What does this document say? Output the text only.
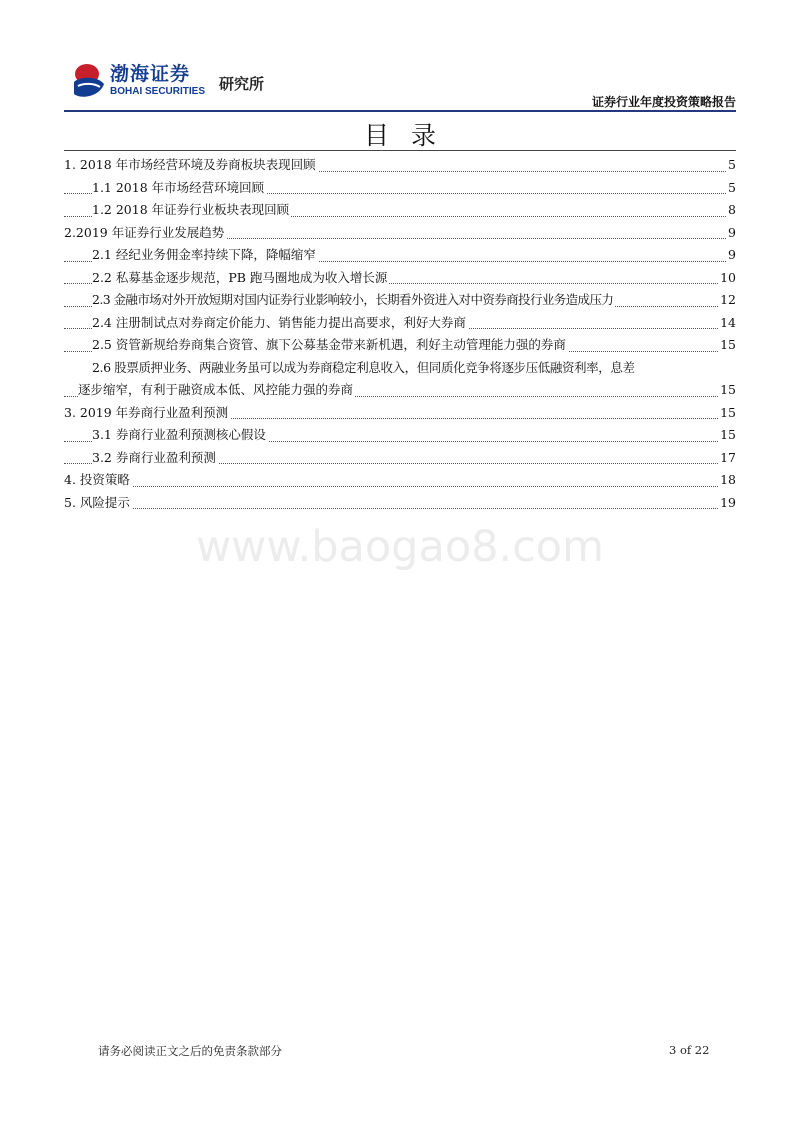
渤海证券
BOHAI SECURITIES 研究所
证券行业年度投资策略报告
目录
1. 2018 年市场经营环境及券商板块表现回顾	5
1.1 2018 年市场经营环境回顾	5
1.2 2018 年证券行业板块表现回顾	8
2.2019 年证券行业发展趋势	9
2.1 经纪业务佣金率持续下降，降幅缩窄	9
2.2 私募基金逐步规范，PB 跑马圈地成为收入增长源	10
2.3 金融市场对外开放短期对国内证券行业影响较小，长期看外资进入对中资券商投行业务造成压力	12
2.4 注册制试点对券商定价能力、销售能力提出高要求，利好大券商	14
2.5 资管新规给券商集合资管、旗下公募基金带来新机遇，利好主动管理能力强的券商	15
2.6 股票质押业务、两融业务虽可以成为券商稳定利息收入，但同质化竞争将逐步压低融资利率，息差
逐步缩窄，有利于融资成本低、风控能力强的券商	15
3. 2019 年券商行业盈利预测	15
3.1 券商行业盈利预测核心假设	15
3.2 券商行业盈利预测	17
4. 投资策略	18
5. 风险提示	19
www.baogao8.com
请务必阅读正文之后的免责条款部分	3 of 22
